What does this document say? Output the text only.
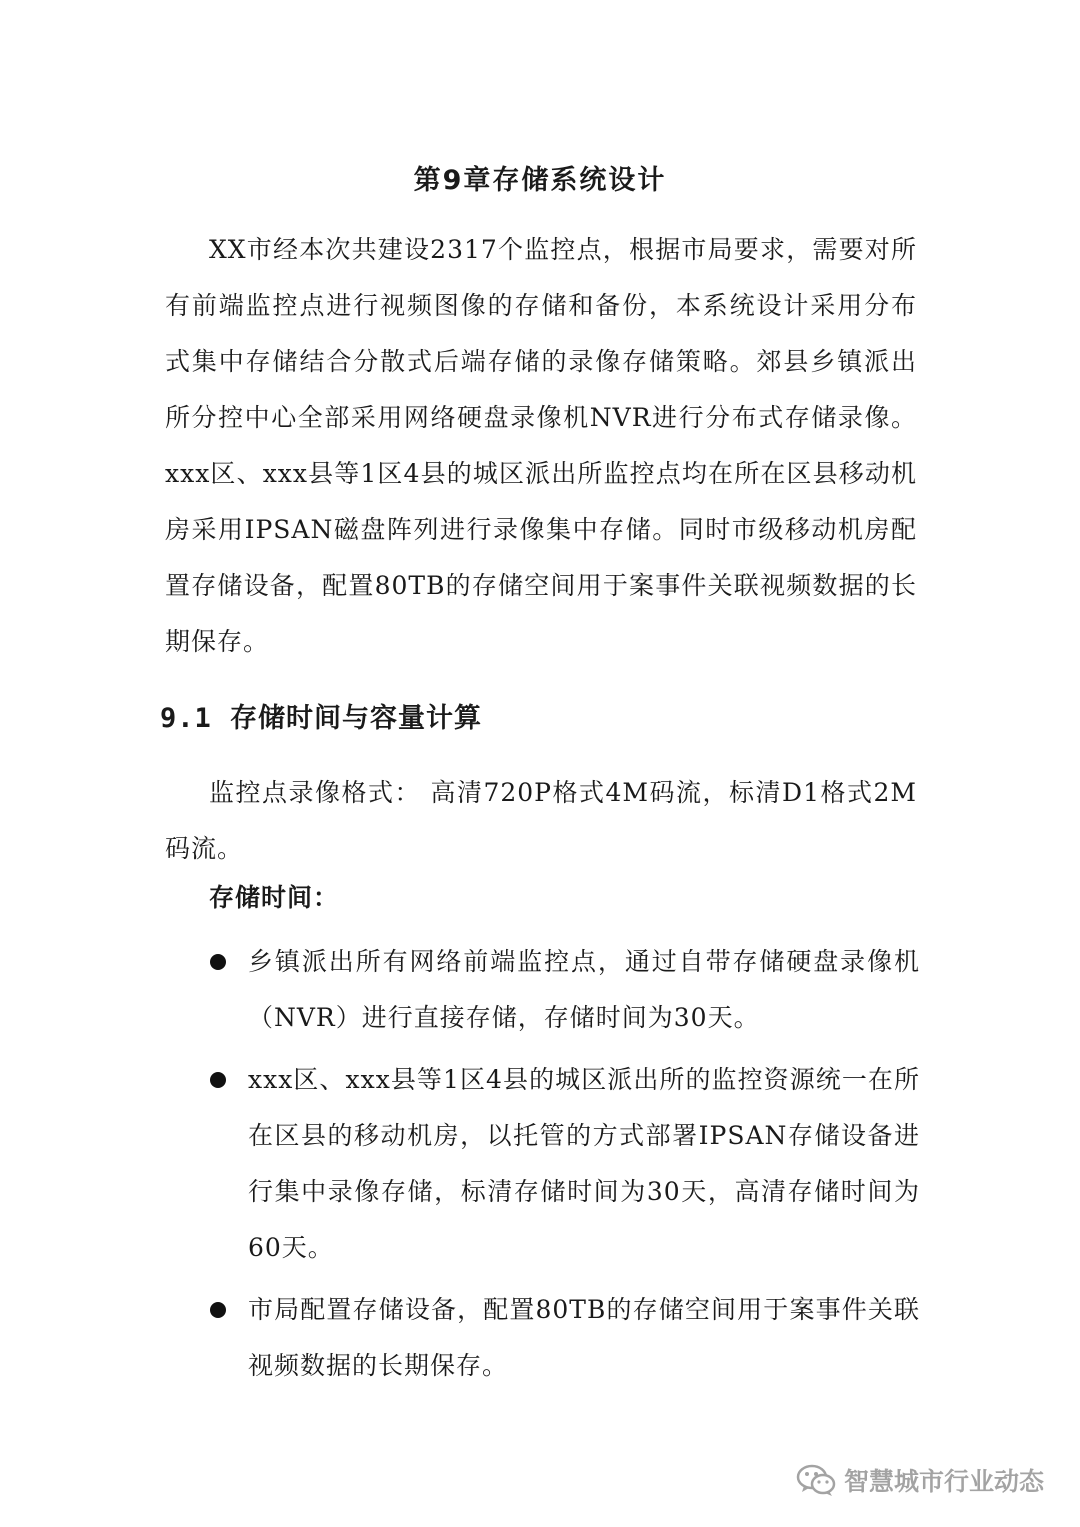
第9章存储系统设计

XX市经本次共建设2317个监控点，根据市局要求，需要对所有前端监控点进行视频图像的存储和备份，本系统设计采用分布式集中存储结合分散式后端存储的录像存储策略。郊县乡镇派出所分控中心全部采用网络硬盘录像机NVR进行分布式存储录像。xxx区、xxx县等1区4县的城区派出所监控点均在所在区县移动机房采用IPSAN磁盘阵列进行录像集中存储。同时市级移动机房配置存储设备，配置80TB的存储空间用于案事件关联视频数据的长期保存。

9.1 存储时间与容量计算

监控点录像格式： 高清720P格式4M码流，标清D1格式2M码流。

存储时间：
乡镇派出所有网络前端监控点，通过自带存储硬盘录像机（NVR）进行直接存储，存储时间为30天。
xxx区、xxx县等1区4县的城区派出所的监控资源统一在所在区县的移动机房，以托管的方式部署IPSAN存储设备进行集中录像存储，标清存储时间为30天，高清存储时间为60天。
市局配置存储设备，配置80TB的存储空间用于案事件关联视频数据的长期保存。
智慧城市行业动态
